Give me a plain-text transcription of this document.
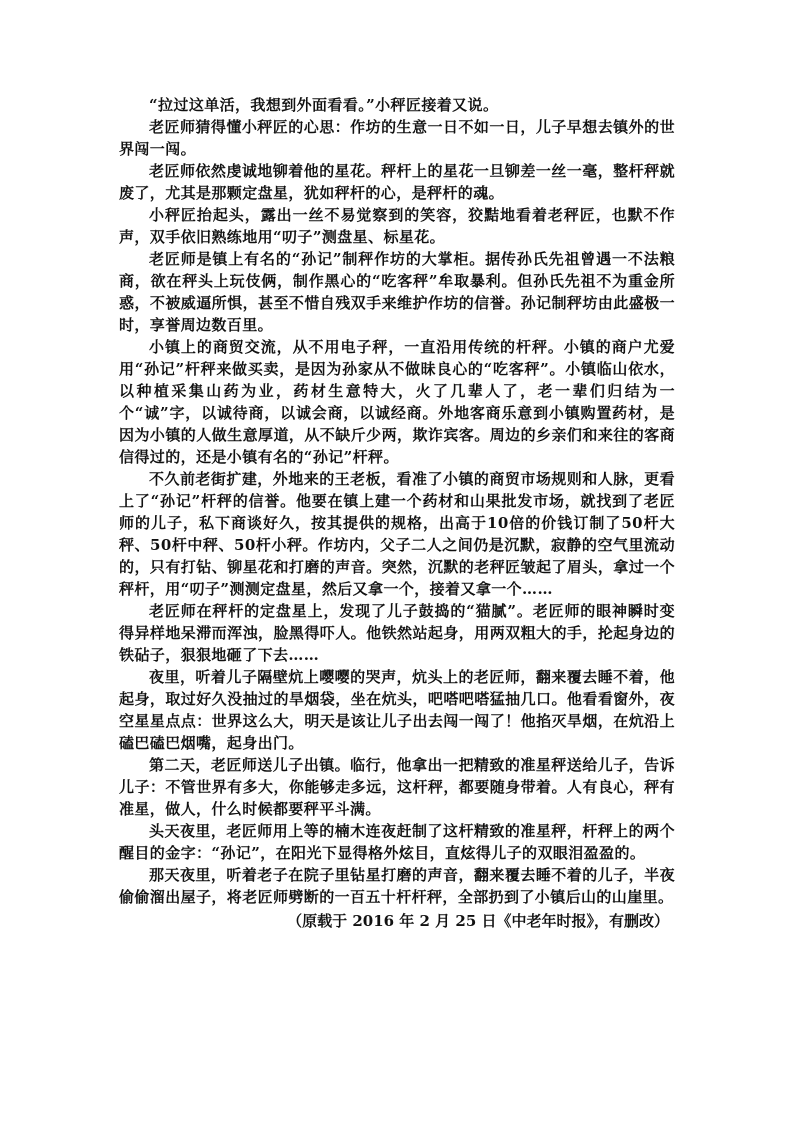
“拉过这单活，我想到外面看看。”小秤匠接着又说。

老匠师猜得懂小秤匠的心思：作坊的生意一日不如一日，儿子早想去镇外的世界闯一闯。

老匠师依然虔诚地铆着他的星花。秤杆上的星花一旦铆差一丝一毫，整杆秤就废了，尤其是那颗定盘星，犹如秤杆的心，是秤杆的魂。

小秤匠抬起头，露出一丝不易觉察到的笑容，狡黠地看着老秤匠，也默不作声，双手依旧熟练地用“叨子”测盘星、标星花。

老匠师是镇上有名的“孙记”制秤作坊的大掌柜。据传孙氏先祖曾遇一不法粮商，欲在秤头上玩伎俩，制作黑心的“吃客秤”牟取暴利。但孙氏先祖不为重金所惑，不被威逼所惧，甚至不惜自残双手来维护作坊的信誉。孙记制秤坊由此盛极一时，享誉周边数百里。

小镇上的商贸交流，从不用电子秤，一直沿用传统的杆秤。小镇的商户尤爱用“孙记”杆秤来做买卖，是因为孙家从不做昧良心的“吃客秤”。小镇临山依水，以种植采集山药为业，药材生意特大，火了几辈人了，老一辈们归结为一个“诚”字，以诚待商，以诚会商，以诚经商。外地客商乐意到小镇购置药材，是因为小镇的人做生意厚道，从不缺斤少两，欺诈宾客。周边的乡亲们和来往的客商信得过的，还是小镇有名的“孙记”杆秤。

不久前老街扩建，外地来的王老板，看准了小镇的商贸市场规则和人脉，更看上了“孙记”杆秤的信誉。他要在镇上建一个药材和山果批发市场，就找到了老匠师的儿子，私下商谈好久，按其提供的规格，出高于10倍的价钱订制了50杆大秤、50杆中秤、50杆小秤。作坊内，父子二人之间仍是沉默，寂静的空气里流动的，只有打钻、铆星花和打磨的声音。突然，沉默的老秤匠皱起了眉头，拿过一个秤杆，用“叨子”测测定盘星，然后又拿一个，接着又拿一个……

老匠师在秤杆的定盘星上，发现了儿子鼓捣的“猫腻”。老匠师的眼神瞬时变得异样地呆滞而浑浊，脸黑得吓人。他铁然站起身，用两双粗大的手，抡起身边的铁砧子，狠狠地砸了下去……

夜里，听着儿子隔壁炕上嘤嘤的哭声，炕头上的老匠师，翻来覆去睡不着，他起身，取过好久没抽过的旱烟袋，坐在炕头，吧嗒吧嗒猛抽几口。他看看窗外，夜空星星点点：世界这么大，明天是该让儿子出去闯一闯了！他掐灭旱烟，在炕沿上磕巴磕巴烟嘴，起身出门。

第二天，老匠师送儿子出镇。临行，他拿出一把精致的准星秤送给儿子，告诉儿子：不管世界有多大，你能够走多远，这杆秤，都要随身带着。人有良心，秤有准星，做人，什么时候都要秤平斗满。

头天夜里，老匠师用上等的楠木连夜赶制了这杆精致的准星秤，杆秤上的两个醒目的金字：“孙记”，在阳光下显得格外炫目，直炫得儿子的双眼泪盈盈的。

那天夜里，听着老子在院子里钻星打磨的声音，翻来覆去睡不着的儿子，半夜偷偷溜出屋子，将老匠师劈断的一百五十杆杆秤，全部扔到了小镇后山的山崖里。

（原载于 2016 年 2 月 25 日《中老年时报》，有删改）
